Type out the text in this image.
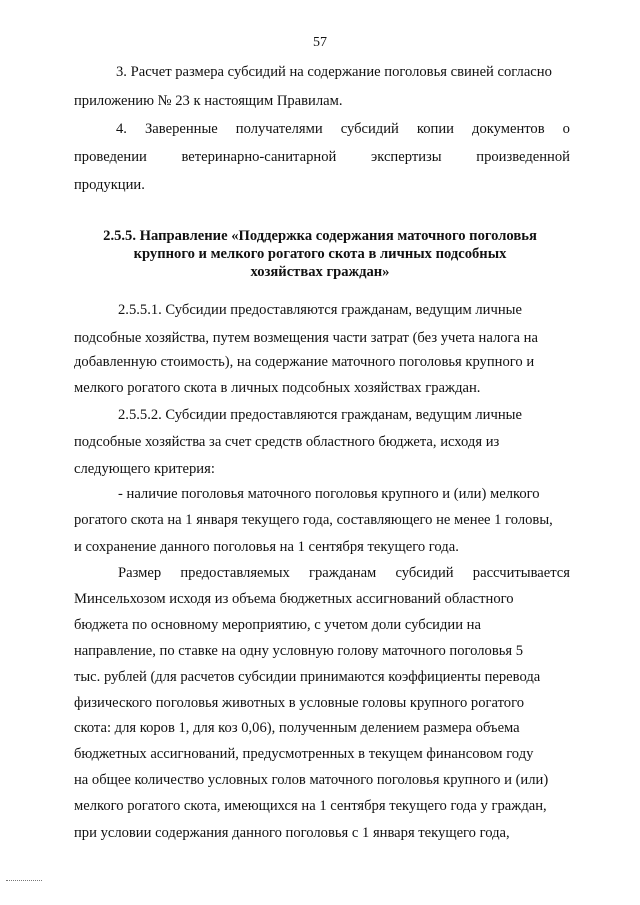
57
3. Расчет размера субсидий на содержание поголовья свиней согласно
приложению № 23 к настоящим Правилам.
4. Заверенные получателями субсидий копии документов о
проведении ветеринарно-санитарной экспертизы произведенной
продукции.
2.5.5. Направление «Поддержка содержания маточного поголовья
крупного и мелкого рогатого скота в личных подсобных
хозяйствах граждан»
2.5.5.1. Субсидии предоставляются гражданам, ведущим личные
подсобные хозяйства, путем возмещения части затрат (без учета налога на
добавленную стоимость), на содержание маточного поголовья крупного и
мелкого рогатого скота в личных подсобных хозяйствах граждан.
2.5.5.2. Субсидии предоставляются гражданам, ведущим личные
подсобные хозяйства за счет средств областного бюджета, исходя из
следующего критерия:
- наличие поголовья маточного поголовья крупного и (или) мелкого
рогатого скота на 1 января текущего года, составляющего не менее 1 головы,
и сохранение данного поголовья на 1 сентября текущего года.
Размер предоставляемых гражданам субсидий рассчитывается
Минсельхозом исходя из объема бюджетных ассигнований областного
бюджета по основному мероприятию, с учетом доли субсидии на
направление, по ставке на одну условную голову маточного поголовья 5
тыс. рублей (для расчетов субсидии принимаются коэффициенты перевода
физического поголовья животных в условные головы крупного рогатого
скота: для коров 1, для коз 0,06), полученным делением размера объема
бюджетных ассигнований, предусмотренных в текущем финансовом году
на общее количество условных голов маточного поголовья крупного и (или)
мелкого рогатого скота, имеющихся на 1 сентября текущего года у граждан,
при условии содержания данного поголовья с 1 января текущего года,
